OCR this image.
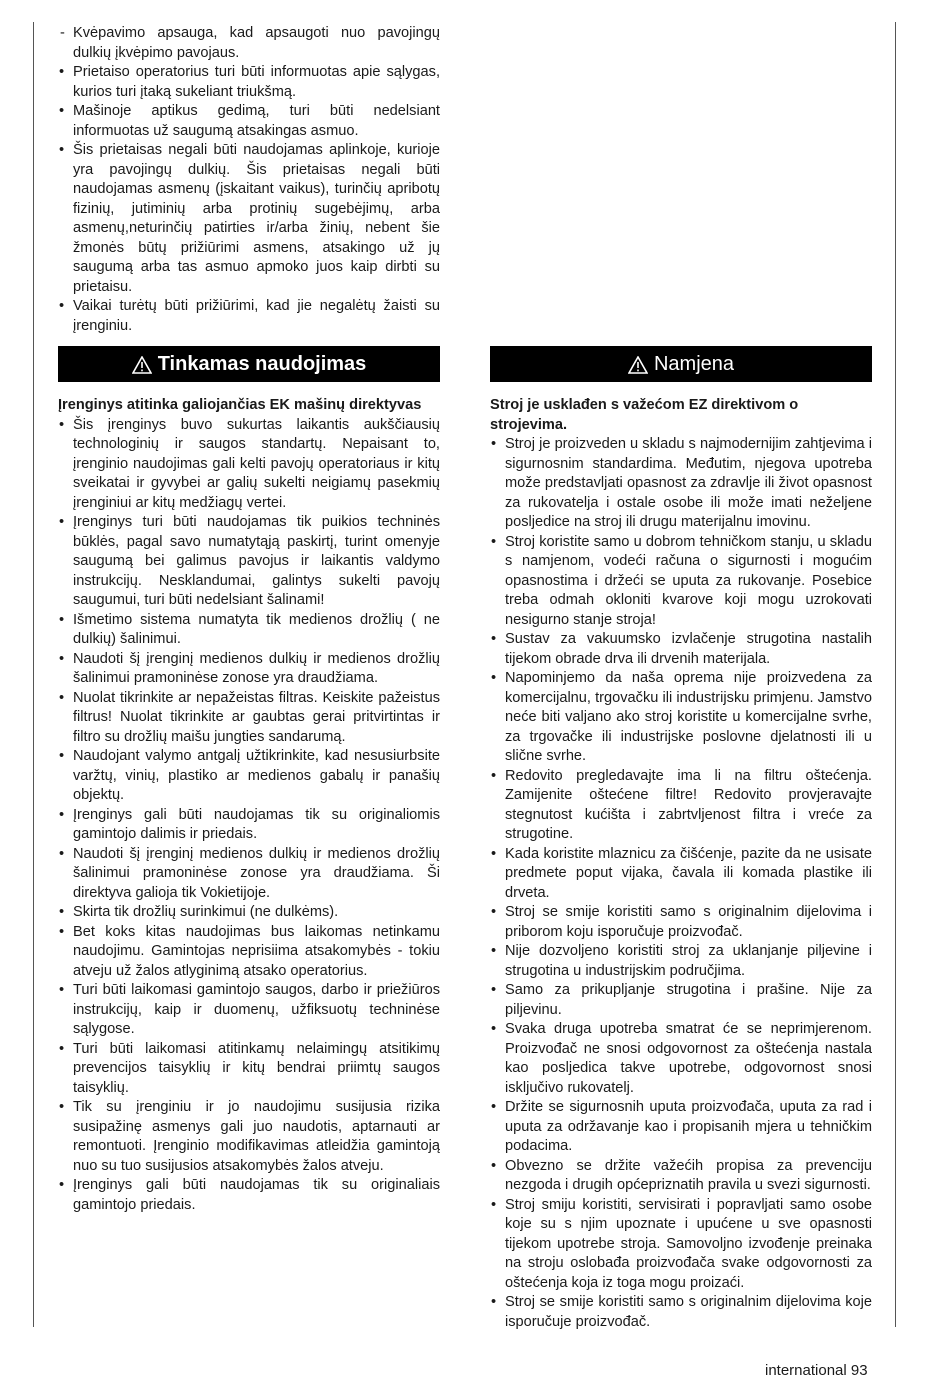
- Kvėpavimo apsauga, kad apsaugoti nuo pavojingų dulkių įkvėpimo pavojaus.
• Prietaiso operatorius turi būti informuotas apie sąlygas, kurios turi įtaką sukeliant triukšmą.
• Mašinoje aptikus gedimą, turi būti nedelsiant informuotas už saugumą atsakingas asmuo.
• Šis prietaisas negali būti naudojamas aplinkoje, kurioje yra pavojingų dulkių. Šis prietaisas negali būti naudojamas asmenų (įskaitant vaikus), turinčių apribotų fizinių, jutiminių arba protinių sugebėjimų, arba asmenų,neturinčių patirties ir/arba žinių, nebent šie žmonės būtų prižiūrimi asmens, atsakingo už jų saugumą arba tas asmuo apmoko juos kaip dirbti su prietaisu.
• Vaikai turėtų būti prižiūrimi, kad jie negalėtų žaisti su įrenginiu.
Tinkamas naudojimas
Įrenginys atitinka galiojančias EK mašinų direktyvas
• Šis įrenginys buvo sukurtas laikantis aukščiausių technologinių ir saugos standartų. Nepaisant to, įrenginio naudojimas gali kelti pavojų operatoriaus ir kitų sveikatai ir gyvybei ar galių sukelti neigiamų pasekmių įrenginiui ar kitų medžiagų vertei.
• Įrenginys turi būti naudojamas tik puikios techninės būklės, pagal savo numatytąją paskirtį, turint omenyje saugumą bei galimus pavojus ir laikantis valdymo instrukcijų. Nesklandumai, galintys sukelti pavojų saugumui, turi būti nedelsiant šalinami!
• Išmetimo sistema numatyta tik medienos drožlių ( ne dulkių) šalinimui.
• Naudoti šį įrenginį medienos dulkių ir medienos drožlių šalinimui pramoninėse zonose yra draudžiama.
• Nuolat tikrinkite ar nepažeistas filtras. Keiskite pažeistus filtrus! Nuolat tikrinkite ar gaubtas gerai pritvirtintas ir filtro su drožlių maišu jungties sandarumą.
• Naudojant valymo antgalį užtikrinkite, kad nesusiurbsite varžtų, vinių, plastiko ar medienos gabalų ir panašių objektų.
• Įrenginys gali būti naudojamas tik su originaliomis gamintojo dalimis ir priedais.
• Naudoti šį įrenginį medienos dulkių ir medienos drožlių šalinimui pramoninėse zonose yra draudžiama. Ši direktyva galioja tik Vokietijoje.
• Skirta tik drožlių surinkimui (ne dulkėms).
• Bet koks kitas naudojimas bus laikomas netinkamu naudojimu. Gamintojas neprisiima atsakomybės - tokiu atveju už žalos atlyginimą atsako operatorius.
• Turi būti laikomasi gamintojo saugos, darbo ir priežiūros instrukcijų, kaip ir duomenų, užfiksuotų techninėse sąlygose.
• Turi būti laikomasi atitinkamų nelaimingų atsitikimų prevencijos taisyklių ir kitų bendrai priimtų saugos taisyklių.
• Tik su įrenginiu ir jo naudojimu susijusia rizika susipažinę asmenys gali juo naudotis, aptarnauti ar remontuoti. Įrenginio modifikavimas atleidžia gamintoją nuo su tuo susijusios atsakomybės žalos atveju.
• Įrenginys gali būti naudojamas tik su originaliais gamintojo priedais.
Namjena
Stroj je usklađen s važećom EZ direktivom o strojevima.
• Stroj je proizveden u skladu s najmodernijim zahtjevima i sigurnosnim standardima. Međutim, njegova upotreba može predstavljati opasnost za zdravlje ili život opasnost za rukovatelja i ostale osobe ili može imati neželjene posljedice na stroj ili drugu materijalnu imovinu.
• Stroj koristite samo u dobrom tehničkom stanju, u skladu s namjenom, vodeći računa o sigurnosti i mogućim opasnostima i držeći se uputa za rukovanje. Posebice treba odmah okloniti kvarove koji mogu uzrokovati nesigurno stanje stroja!
• Sustav za vakuumsko izvlačenje strugotina nastalih tijekom obrade drva ili drvenih materijala.
• Napominjemo da naša oprema nije proizvedena za komercijalnu, trgovačku ili industrijsku primjenu. Jamstvo neće biti valjano ako stroj koristite u komercijalne svrhe, za trgovačke ili industrijske poslovne djelatnosti ili u slične svrhe.
• Redovito pregledavajte ima li na filtru oštećenja. Zamijenite oštećene filtre! Redovito provjeravajte stegnutost kućišta i zabrtvljenost filtra i vreće za strugotine.
• Kada koristite mlaznicu za čišćenje, pazite da ne usisate predmete poput vijaka, čavala ili komada plastike ili drveta.
• Stroj se smije koristiti samo s originalnim dijelovima i priborom koju isporučuje proizvođač.
• Nije dozvoljeno koristiti stroj za uklanjanje piljevine i strugotina u industrijskim područjima.
• Samo za prikupljanje strugotina i prašine. Nije za piljevinu.
• Svaka druga upotreba smatrat će se neprimjerenom. Proizvođač ne snosi odgovornost za oštećenja nastala kao posljedica takve upotrebe, odgovornost snosi isključivo rukovatelj.
• Držite se sigurnosnih uputa proizvođača, uputa za rad i uputa za održavanje kao i propisanih mjera u tehničkim podacima.
• Obvezno se držite važećih propisa za prevenciju nezgoda i drugih općepriznatih pravila u svezi sigurnosti.
• Stroj smiju koristiti, servisirati i popravljati samo osobe koje su s njim upoznate i upućene u sve opasnosti tijekom upotrebe stroja. Samovoljno izvođenje preinaka na stroju oslobađa proizvođača svake odgovornosti za oštećenja koja iz toga mogu proizaći.
• Stroj se smije koristiti samo s originalnim dijelovima koje isporučuje proizvođač.
international 93
